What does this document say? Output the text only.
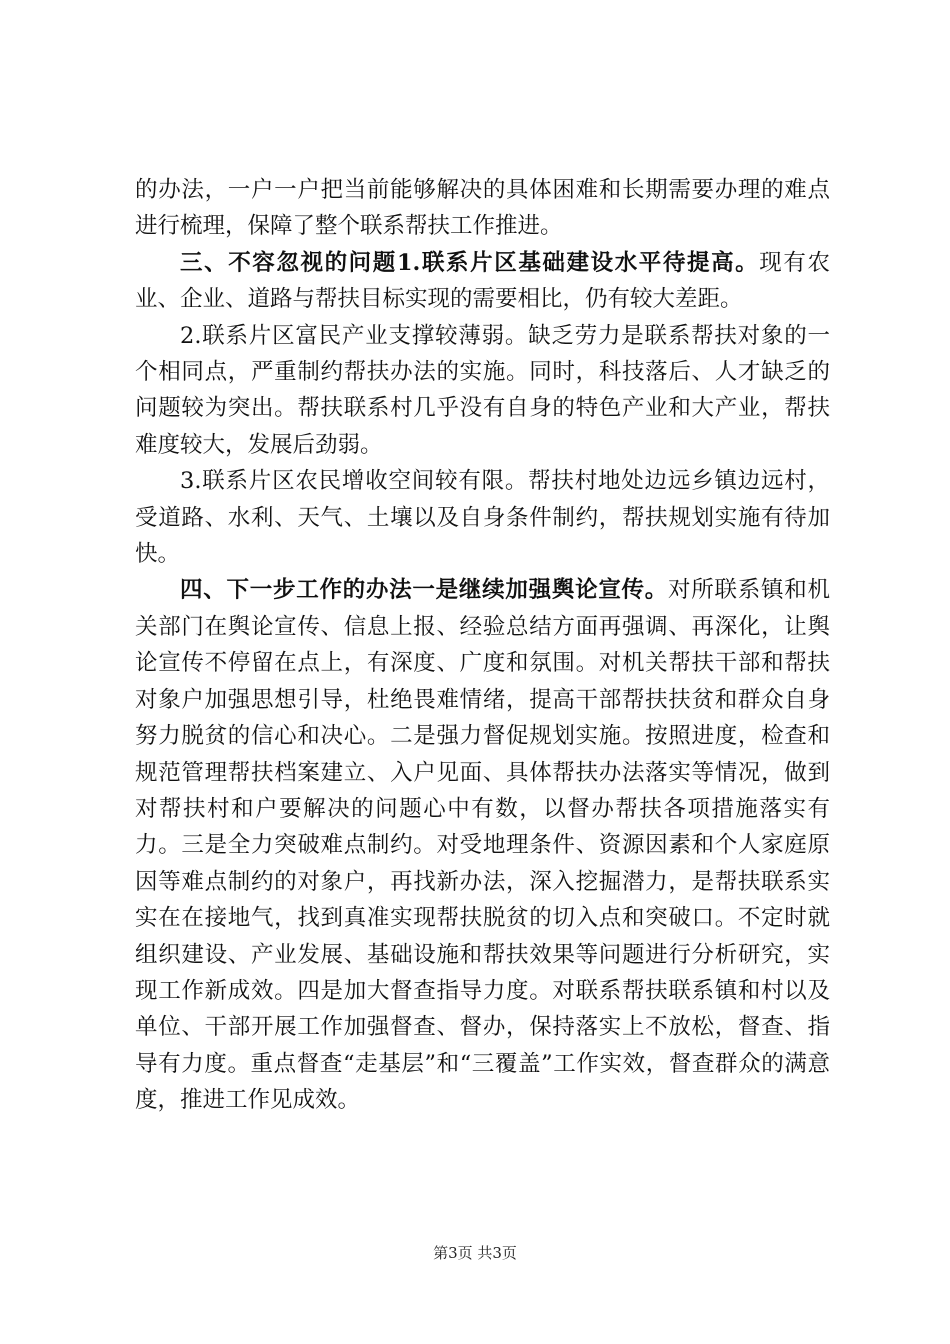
的办法，一户一户把当前能够解决的具体困难和长期需要办理的难点进行梳理，保障了整个联系帮扶工作推进。

三、不容忽视的问题1.联系片区基础建设水平待提高。现有农业、企业、道路与帮扶目标实现的需要相比，仍有较大差距。

2.联系片区富民产业支撑较薄弱。缺乏劳力是联系帮扶对象的一个相同点，严重制约帮扶办法的实施。同时，科技落后、人才缺乏的问题较为突出。帮扶联系村几乎没有自身的特色产业和大产业，帮扶难度较大，发展后劲弱。

3.联系片区农民增收空间较有限。帮扶村地处边远乡镇边远村，受道路、水利、天气、土壤以及自身条件制约，帮扶规划实施有待加快。

四、下一步工作的办法一是继续加强舆论宣传。对所联系镇和机关部门在舆论宣传、信息上报、经验总结方面再强调、再深化，让舆论宣传不停留在点上，有深度、广度和氛围。对机关帮扶干部和帮扶对象户加强思想引导，杜绝畏难情绪，提高干部帮扶扶贫和群众自身努力脱贫的信心和决心。二是强力督促规划实施。按照进度，检查和规范管理帮扶档案建立、入户见面、具体帮扶办法落实等情况，做到对帮扶村和户要解决的问题心中有数，以督办帮扶各项措施落实有力。三是全力突破难点制约。对受地理条件、资源因素和个人家庭原因等难点制约的对象户，再找新办法，深入挖掘潜力，是帮扶联系实实在在接地气，找到真准实现帮扶脱贫的切入点和突破口。不定时就组织建设、产业发展、基础设施和帮扶效果等问题进行分析研究，实现工作新成效。四是加大督查指导力度。对联系帮扶联系镇和村以及单位、干部开展工作加强督查、督办，保持落实上不放松，督查、指导有力度。重点督查“走基层”和“三覆盖”工作实效，督查群众的满意度，推进工作见成效。

第3页 共3页
